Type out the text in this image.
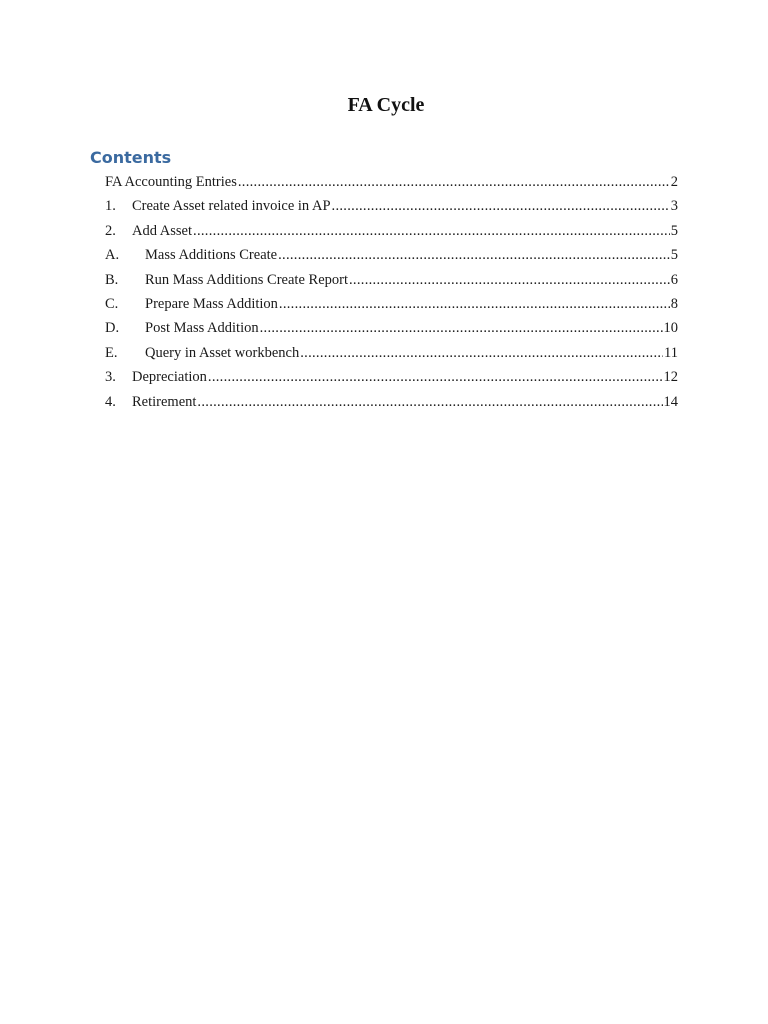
FA Cycle
Contents
FA Accounting Entries .....	2
1.	Create Asset related invoice in AP .....	3
2.	Add Asset .....	5
A.	Mass Additions Create .....	5
B.	Run Mass Additions Create Report .....	6
C.	Prepare Mass Addition .....	8
D.	Post Mass Addition .....	10
E.	Query in Asset workbench .....	11
3.	Depreciation .....	12
4.	Retirement .....	14
